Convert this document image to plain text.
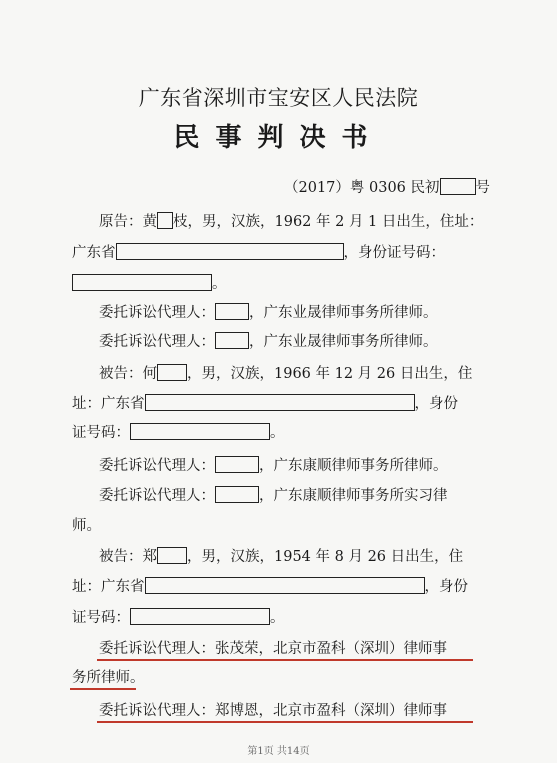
广东省深圳市宝安区人民法院
民事判决书
（2017）粤 0306 民初 号
原告：黄 枝，男，汉族，1962 年 2 月 1 日出生，住址：
广东省	，身份证号码：
。
委托诉讼代理人： ，广东业晟律师事务所律师。
委托诉讼代理人： ，广东业晟律师事务所律师。
被告：何	，男，汉族，1966 年 12 月 26 日出生，住
址：广东省	，身份
证号码：	。
委托诉讼代理人：	，广东康顺律师事务所律师。
委托诉讼代理人：	，广东康顺律师事务所实习律
师。
被告：郑	，男，汉族，1954 年 8 月 26 日出生，住
址：广东省	，身份
证号码：	。
委托诉讼代理人：张茂荣，北京市盈科（深圳）律师事
务所律师。
委托诉讼代理人：郑博恩，北京市盈科（深圳）律师事
第1页 共14页
